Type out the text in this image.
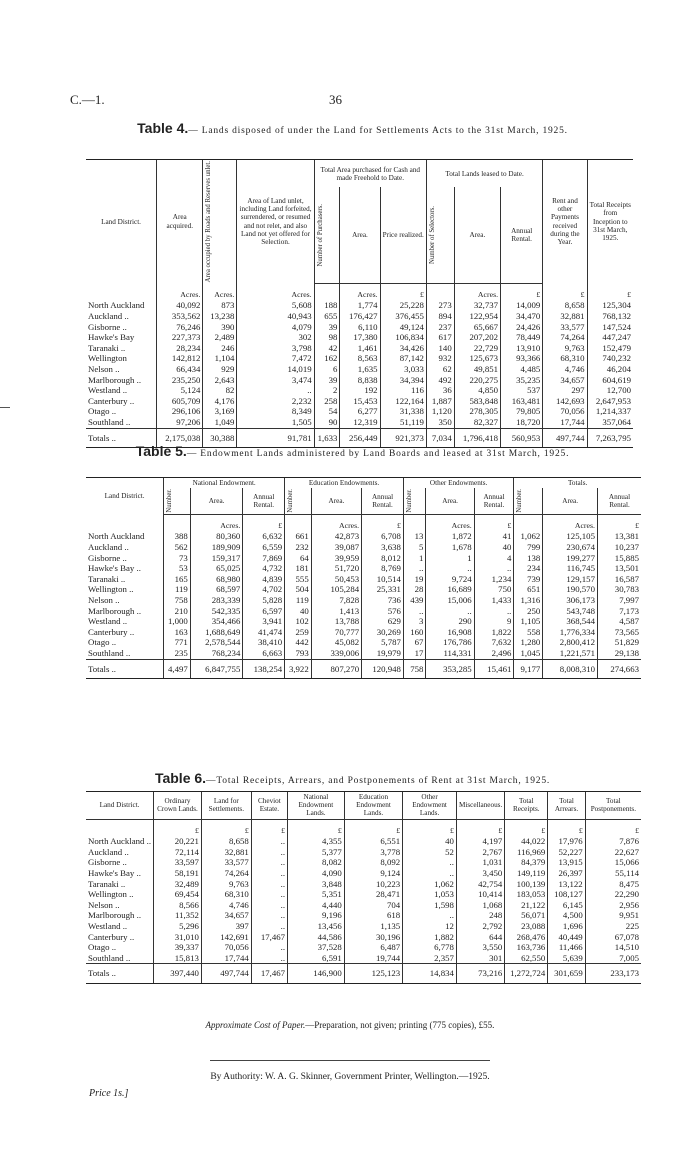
C.—1.	36
Table 4.— Lands disposed of under the Land for Settlements Acts to the 31st March, 1925.
Land District.	Area acquired.	Area occupied by Roads and Reserves unlet.	Area of Land unlet, including Land forfeited, surrendered, or resumed and not relet, and also Land not yet offered for Selection.	Total Area purchased for Cash and made Freehold to Date.			Total Lands leased to Date.			Rent and other Payments received during the Year.	Total Receipts from Inception to 31st March, 1925.

				Number of Purchasers.	Area.	Price realized.	Number of Selectors.	Area.	Annual Rental.		
	Acres.	Acres.	Acres.		Acres.	£		Acres.	£	£	£
North Auckland	40,092	873	5,608	188	1,774	25,228	273	32,737	14,009	8,658	125,304
Auckland ..	353,562	13,238	40,943	655	176,427	376,455	894	122,954	34,470	32,881	768,132
Gisborne ..	76,246	390	4,079	39	6,110	49,124	237	65,667	24,426	33,577	147,524
Hawke's Bay	227,373	2,489	302	98	17,380	106,834	617	207,202	78,449	74,264	447,247
Taranaki ..	28,234	246	3,798	42	1,461	34,426	140	22,729	13,910	9,763	152,479
Wellington	142,812	1,104	7,472	162	8,563	87,142	932	125,673	93,366	68,310	740,232
Nelson ..	66,434	929	14,019	6	1,635	3,033	62	49,851	4,485	4,746	46,204
Marlborough ..	235,250	2,643	3,474	39	8,838	34,394	492	220,275	35,235	34,657	604,619
Westland ..	5,124	82	..	2	192	116	36	4,850	537	297	12,700
Canterbury ..	605,709	4,176	2,232	258	15,453	122,164	1,887	583,848	163,481	142,693	2,647,953
Otago ..	296,106	3,169	8,349	54	6,277	31,338	1,120	278,305	79,805	70,056	1,214,337
Southland ..	97,206	1,049	1,505	90	12,319	51,119	350	82,327	18,720	17,744	357,064
Totals ..	2,175,038	30,388	91,781	1,633	256,449	921,373	7,034	1,796,418	560,953	497,744	7,263,795
Table 5.— Endowment Lands administered by Land Boards and leased at 31st March, 1925.
Land District.	National Endowment.			Education Endowments.			Other Endowments.			Totals.		

	Number.	Area.	Annual Rental.	Number.	Area.	Annual Rental.	Number.	Area.	Annual Rental.	Number.	Area.	Annual Rental.
		Acres.	£		Acres.	£		Acres.	£		Acres.	£
North Auckland	388	80,360	6,632	661	42,873	6,708	13	1,872	41	1,062	125,105	13,381
Auckland ..	562	189,909	6,559	232	39,087	3,638	5	1,678	40	799	230,674	10,237
Gisborne ..	73	159,317	7,869	64	39,959	8,012	1	1	4	138	199,277	15,885
Hawke's Bay ..	53	65,025	4,732	181	51,720	8,769	..	..	..	234	116,745	13,501
Taranaki ..	165	68,980	4,839	555	50,453	10,514	19	9,724	1,234	739	129,157	16,587
Wellington ..	119	68,597	4,702	504	105,284	25,331	28	16,689	750	651	190,570	30,783
Nelson ..	758	283,339	5,828	119	7,828	736	439	15,006	1,433	1,316	306,173	7,997
Marlborough ..	210	542,335	6,597	40	1,413	576	..	..	..	250	543,748	7,173
Westland ..	1,000	354,466	3,941	102	13,788	629	3	290	9	1,105	368,544	4,587
Canterbury ..	163	1,688,649	41,474	259	70,777	30,269	160	16,908	1,822	558	1,776,334	73,565
Otago ..	771	2,578,544	38,410	442	45,082	5,787	67	176,786	7,632	1,280	2,800,412	51,829
Southland ..	235	768,234	6,663	793	339,006	19,979	17	114,331	2,496	1,045	1,221,571	29,138
Totals ..	4,497	6,847,755	138,254	3,922	807,270	120,948	758	353,285	15,461	9,177	8,008,310	274,663
Table 6.—Total Receipts, Arrears, and Postponements of Rent at 31st March, 1925.
Land District.	Ordinary Crown Lands.	Land for Settlements.	Cheviot Estate.	National Endowment Lands.	Education Endowment Lands.	Other Endowment Lands.	Miscellaneous.	Total Receipts.	Total Arrears.	Total Postponements.
	£	£	£	£	£	£	£	£	£	£
North Auckland ..	20,221	8,658	..	4,355	6,551	40	4,197	44,022	17,976	7,876
Auckland ..	72,114	32,881	..	5,377	3,778	52	2,767	116,969	52,227	22,627
Gisborne ..	33,597	33,577	..	8,082	8,092	..	1,031	84,379	13,915	15,066
Hawke's Bay ..	58,191	74,264	..	4,090	9,124	..	3,450	149,119	26,397	55,114
Taranaki ..	32,489	9,763	..	3,848	10,223	1,062	42,754	100,139	13,122	8,475
Wellington ..	69,454	68,310	..	5,351	28,471	1,053	10,414	183,053	108,127	22,290
Nelson ..	8,566	4,746	..	4,440	704	1,598	1,068	21,122	6,145	2,956
Marlborough ..	11,352	34,657	..	9,196	618	..	248	56,071	4,500	9,951
Westland ..	5,296	397	..	13,456	1,135	12	2,792	23,088	1,696	225
Canterbury ..	31,010	142,691	17,467	44,586	30,196	1,882	644	268,476	40,449	67,078
Otago ..	39,337	70,056	..	37,528	6,487	6,778	3,550	163,736	11,466	14,510
Southland ..	15,813	17,744	..	6,591	19,744	2,357	301	62,550	5,639	7,005
Totals ..	397,440	497,744	17,467	146,900	125,123	14,834	73,216	1,272,724	301,659	233,173
Approximate Cost of Paper.—Preparation, not given; printing (775 copies), £55.
By Authority: W. A. G. Skinner, Government Printer, Wellington.—1925.
Price 1s.]
